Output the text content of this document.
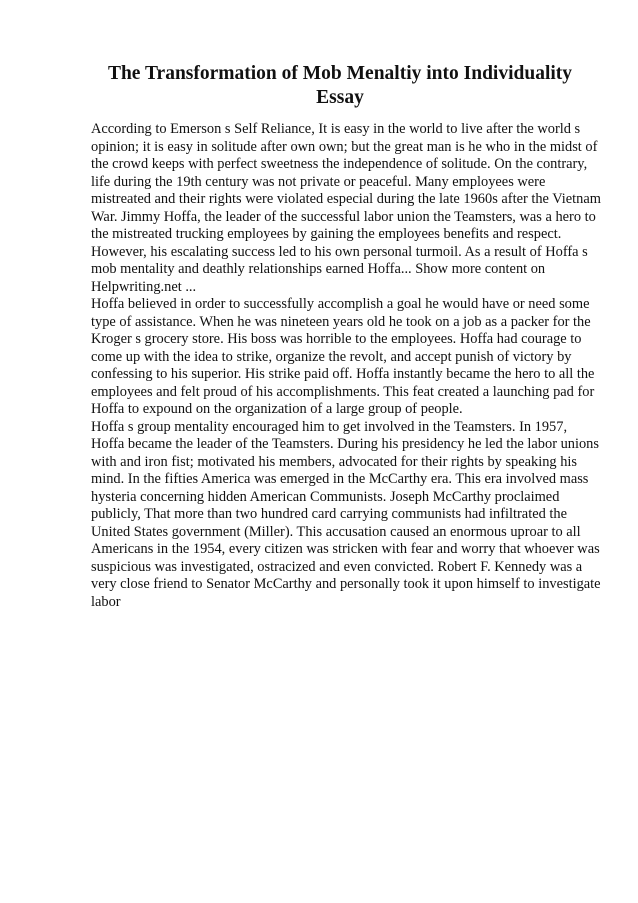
The Transformation of Mob Menaltiy into Individuality Essay

According to Emerson s Self Reliance, It is easy in the world to live after the world s opinion; it is easy in solitude after own own; but the great man is he who in the midst of the crowd keeps with perfect sweetness the independence of solitude. On the contrary, life during the 19th century was not private or peaceful. Many employees were mistreated and their rights were violated especial during the late 1960s after the Vietnam War. Jimmy Hoffa, the leader of the successful labor union the Teamsters, was a hero to the mistreated trucking employees by gaining the employees benefits and respect. However, his escalating success led to his own personal turmoil. As a result of Hoffa s mob mentality and deathly relationships earned Hoffa... Show more content on Helpwriting.net ...

Hoffa believed in order to successfully accomplish a goal he would have or need some type of assistance. When he was nineteen years old he took on a job as a packer for the Kroger s grocery store. His boss was horrible to the employees. Hoffa had courage to come up with the idea to strike, organize the revolt, and accept punish of victory by confessing to his superior. His strike paid off. Hoffa instantly became the hero to all the employees and felt proud of his accomplishments. This feat created a launching pad for Hoffa to expound on the organization of a large group of people.

Hoffa s group mentality encouraged him to get involved in the Teamsters. In 1957, Hoffa became the leader of the Teamsters. During his presidency he led the labor unions with and iron fist; motivated his members, advocated for their rights by speaking his mind. In the fifties America was emerged in the McCarthy era. This era involved mass hysteria concerning hidden American Communists. Joseph McCarthy proclaimed publicly, That more than two hundred card carrying communists had infiltrated the United States government (Miller). This accusation caused an enormous uproar to all Americans in the 1954, every citizen was stricken with fear and worry that whoever was suspicious was investigated, ostracized and even convicted. Robert F. Kennedy was a very close friend to Senator McCarthy and personally took it upon himself to investigate labor
